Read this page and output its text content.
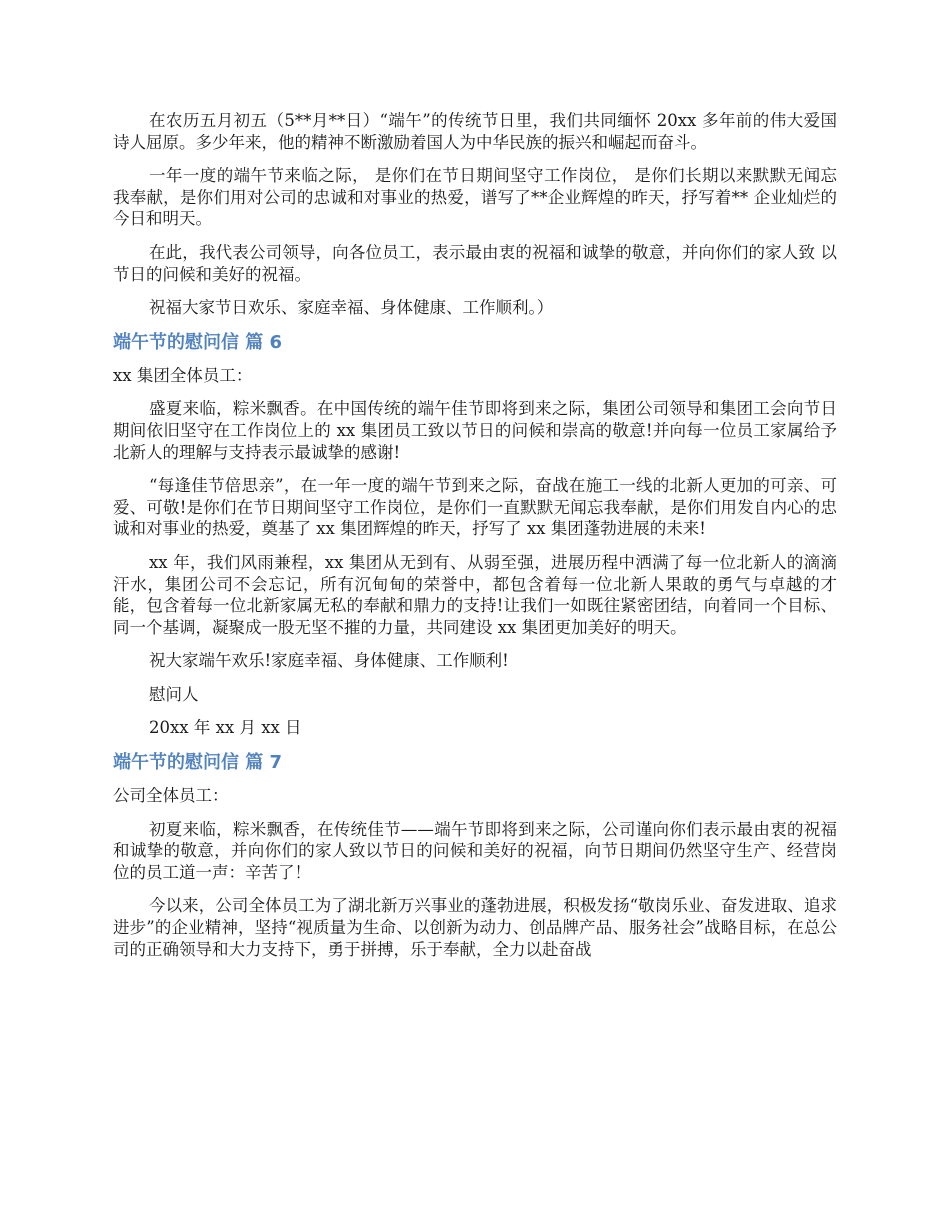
在农历五月初五（5**月**日）“端午”的传统节日里，我们共同缅怀 20xx 多年前的伟大爱国 诗人屈原。多少年来，他的精神不断激励着国人为中华民族的振兴和崛起而奋斗。

一年一度的端午节来临之际， 是你们在节日期间坚守工作岗位， 是你们长期以来默默无闻忘 我奉献，是你们用对公司的忠诚和对事业的热爱，谱写了**企业辉煌的昨天，抒写着** 企业灿烂的今日和明天。

在此，我代表公司领导，向各位员工，表示最由衷的祝福和诚挚的敬意，并向你们的家人致 以节日的问候和美好的祝福。

祝福大家节日欢乐、家庭幸福、身体健康、工作顺利。）

端午节的慰问信 篇 6

xx 集团全体员工：

盛夏来临，粽米飘香。在中国传统的端午佳节即将到来之际，集团公司领导和集团工会向节日期间依旧坚守在工作岗位上的 xx 集团员工致以节日的问候和崇高的敬意!并向每一位员工家属给予北新人的理解与支持表示最诚挚的感谢!

“每逢佳节倍思亲”，在一年一度的端午节到来之际，奋战在施工一线的北新人更加的可亲、可爱、可敬!是你们在节日期间坚守工作岗位，是你们一直默默无闻忘我奉献，是你们用发自内心的忠诚和对事业的热爱，奠基了 xx 集团辉煌的昨天，抒写了 xx 集团蓬勃进展的未来!

xx 年，我们风雨兼程，xx 集团从无到有、从弱至强，进展历程中洒满了每一位北新人的滴滴汗水，集团公司不会忘记，所有沉甸甸的荣誉中，都包含着每一位北新人果敢的勇气与卓越的才能，包含着每一位北新家属无私的奉献和鼎力的支持!让我们一如既往紧密团结，向着同一个目标、同一个基调，凝聚成一股无坚不摧的力量，共同建设 xx 集团更加美好的明天。

祝大家端午欢乐!家庭幸福、身体健康、工作顺利!

慰问人

20xx 年 xx 月 xx 日

端午节的慰问信 篇 7

公司全体员工：

初夏来临，粽米飘香，在传统佳节——端午节即将到来之际，公司谨向你们表示最由衷的祝福和诚挚的敬意，并向你们的家人致以节日的问候和美好的祝福，向节日期间仍然坚守生产、经营岗位的员工道一声：辛苦了！

今以来，公司全体员工为了湖北新万兴事业的蓬勃进展，积极发扬“敬岗乐业、奋发进取、追求进步”的企业精神，坚持“视质量为生命、以创新为动力、创品牌产品、服务社会”战略目标，在总公司的正确领导和大力支持下，勇于拼搏，乐于奉献，全力以赴奋战
